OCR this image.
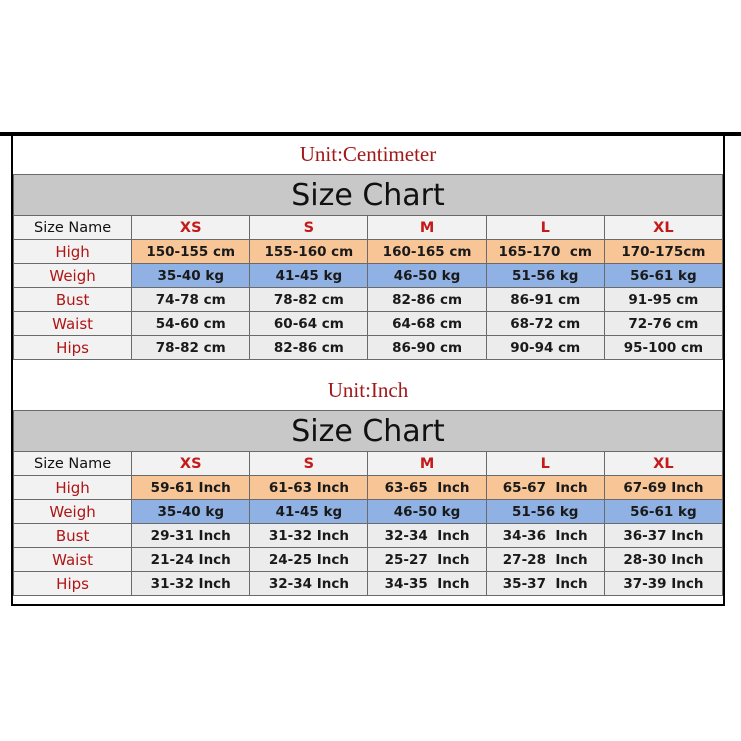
Unit:Centimeter
Size Chart					
Size Name	XS	S	M	L	XL
High	150-155 cm	155-160 cm	160-165 cm	165-170  cm	170-175cm
Weigh	35-40 kg	41-45 kg	46-50 kg	51-56 kg	56-61 kg
Bust	74-78 cm	78-82 cm	82-86 cm	86-91 cm	91-95 cm
Waist	54-60 cm	60-64 cm	64-68 cm	68-72 cm	72-76 cm
Hips	78-82 cm	82-86 cm	86-90 cm	90-94 cm	95-100 cm
Unit:Inch
Size Chart					
Size Name	XS	S	M	L	XL
High	59-61 Inch	61-63 Inch	63-65  Inch	65-67  Inch	67-69 Inch
Weigh	35-40 kg	41-45 kg	46-50 kg	51-56 kg	56-61 kg
Bust	29-31 Inch	31-32 Inch	32-34  Inch	34-36  Inch	36-37 Inch
Waist	21-24 Inch	24-25 Inch	25-27  Inch	27-28  Inch	28-30 Inch
Hips	31-32 Inch	32-34 Inch	34-35  Inch	35-37  Inch	37-39 Inch
